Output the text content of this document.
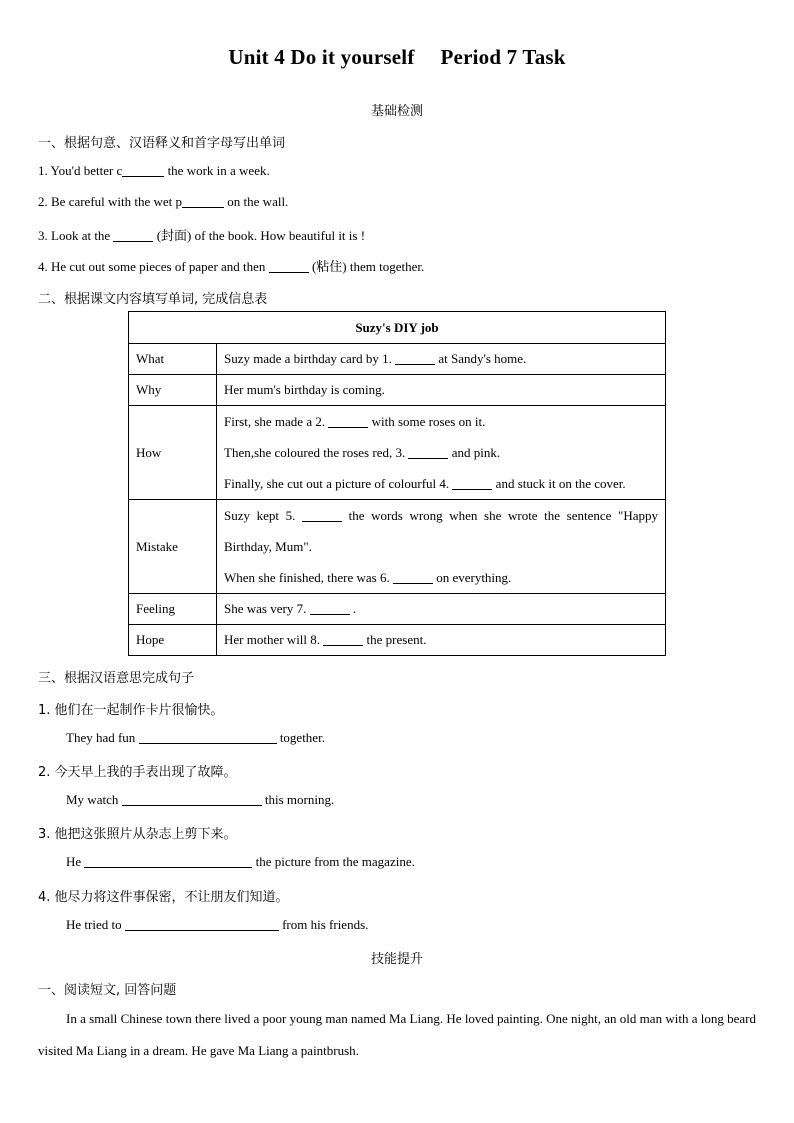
Unit 4 Do it yourself Period 7 Task
基础检测
一、根据句意、汉语释义和首字母写出单词
1. You'd better c	the work in a week.
2. Be careful with the wet p	on the wall.
3. Look at the	(封面) of the book. How beautiful it is !
4. He cut out some pieces of paper and then	(粘住) them together.
二、根据课文内容填写单词, 完成信息表
Suzy's DIY job	
What	Suzy made a birthday card by 1. at Sandy's home.
Why	Her mum's birthday is coming.
How	First, she made a 2. with some roses on it.
Then,she coloured the roses red, 3. and pink.
Finally, she cut out a picture of colourful 4. and stuck it on the cover.

Mistake	Suzy kept 5. the words wrong when she wrote the sentence "Happy Birthday, Mum".
When she finished, there was 6. on everything.

Feeling	She was very 7. .
Hope	Her mother will 8. the present.
三、根据汉语意思完成句子
1. 他们在一起制作卡片很愉快。
They had fun	together.
2. 今天早上我的手表出现了故障。
My watch	this morning.
3. 他把这张照片从杂志上剪下来。
He	the picture from the magazine.
4. 他尽力将这件事保密，不让朋友们知道。
He tried to	from his friends.
技能提升
一、阅读短文, 回答问题
In a small Chinese town there lived a poor young man named Ma Liang. He loved painting. One night, an old man with a long beard visited Ma Liang in a dream. He gave Ma Liang a paintbrush.
